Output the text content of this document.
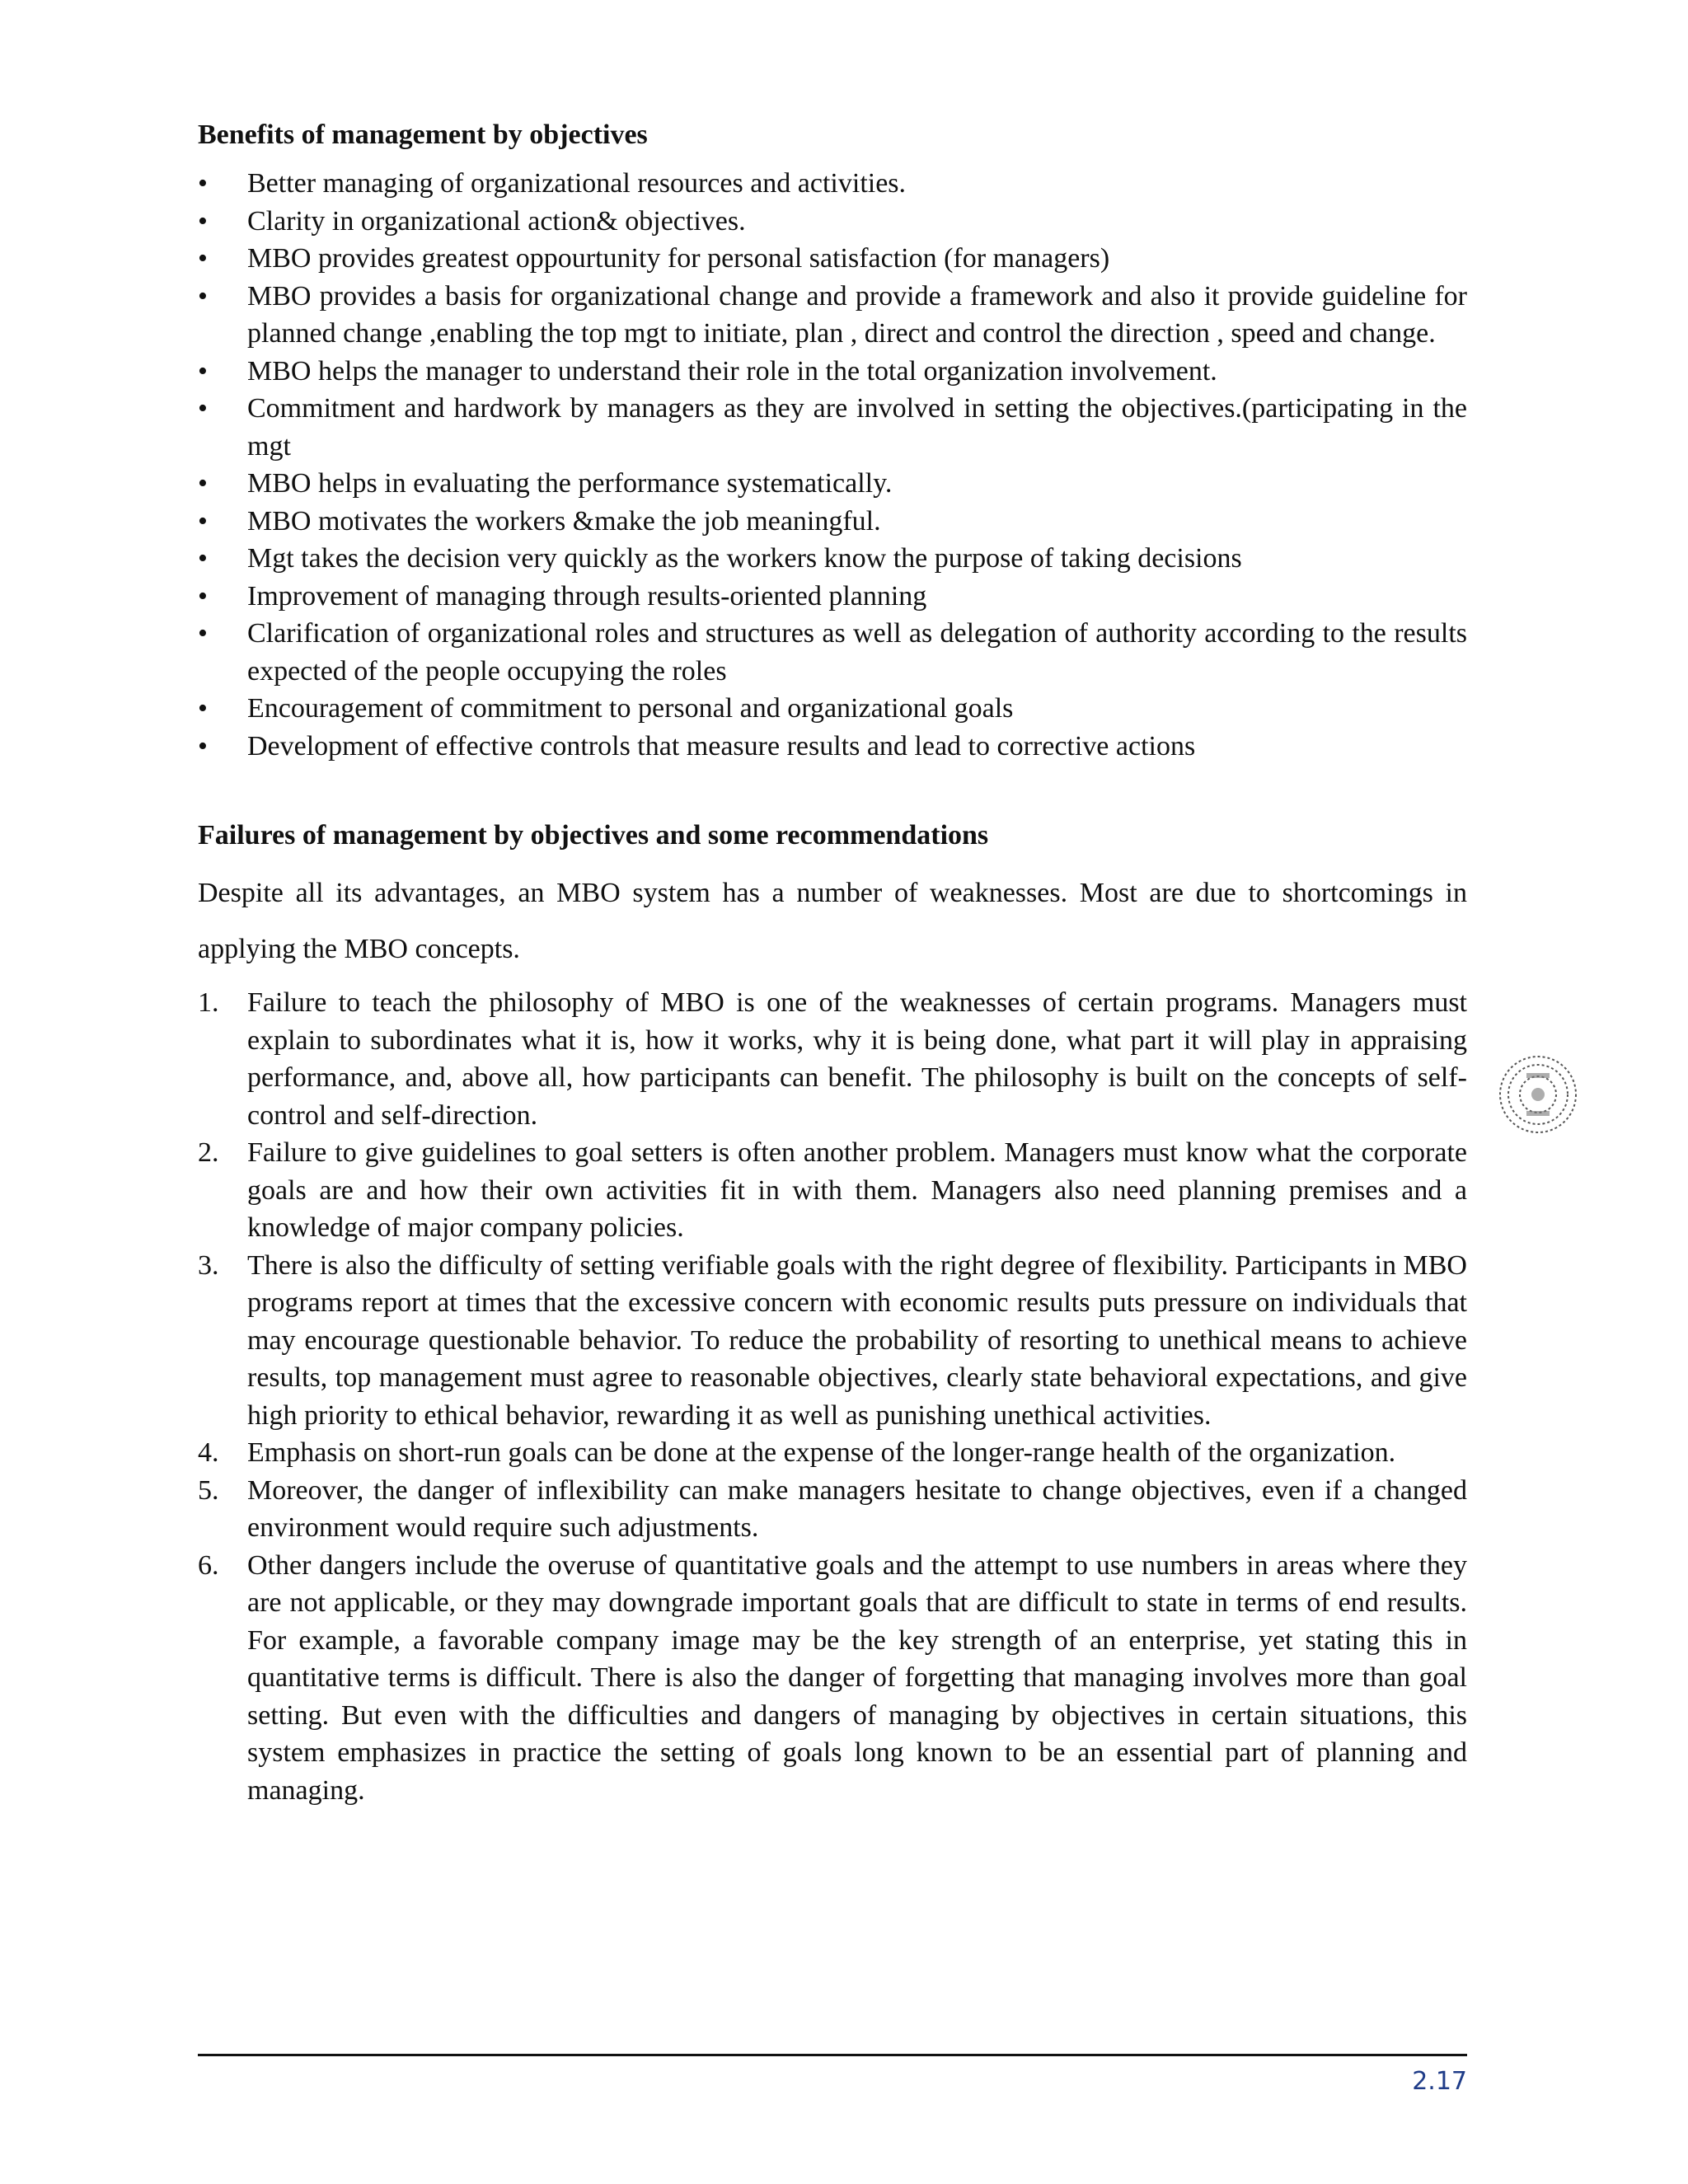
Benefits of management by objectives
• Better managing of organizational resources and activities.
• Clarity in organizational action& objectives.
• MBO provides greatest oppourtunity for personal satisfaction (for managers)
• MBO provides a basis for organizational change and provide a framework and also it provide guideline for planned change ,enabling the top mgt to initiate, plan , direct and control the direction , speed and change.
• MBO helps the manager to understand their role in the total organization involvement.
• Commitment and hardwork by managers as they are involved in setting the objectives.(participating in the mgt
• MBO helps in evaluating the performance systematically.
• MBO motivates the workers &make the job meaningful.
• Mgt takes the decision very quickly as the workers know the purpose of taking decisions
• Improvement of managing through results-oriented planning
• Clarification of organizational roles and structures as well as delegation of authority according to the results expected of the people occupying the roles
• Encouragement of commitment to personal and organizational goals
• Development of effective controls that measure results and lead to corrective actions
Failures of management by objectives and some recommendations

Despite all its advantages, an MBO system has a number of weaknesses. Most are due to shortcomings in applying the MBO concepts.

1. Failure to teach the philosophy of MBO is one of the weaknesses of certain programs. Managers must explain to subordinates what it is, how it works, why it is being done, what part it will play in appraising performance, and, above all, how participants can benefit. The philosophy is built on the concepts of self-control and self-direction.
2. Failure to give guidelines to goal setters is often another problem. Managers must know what the corporate goals are and how their own activities fit in with them. Managers also need planning premises and a knowledge of major company policies.
3. There is also the difficulty of setting verifiable goals with the right degree of flexibility. Participants in MBO programs report at times that the excessive concern with economic results puts pressure on individuals that may encourage questionable behavior. To reduce the probability of resorting to unethical means to achieve results, top management must agree to reasonable objectives, clearly state behavioral expectations, and give high priority to ethical behavior, rewarding it as well as punishing unethical activities.
4. Emphasis on short-run goals can be done at the expense of the longer-range health of the organization.
5. Moreover, the danger of inflexibility can make managers hesitate to change objectives, even if a changed environment would require such adjustments.
6. Other dangers include the overuse of quantitative goals and the attempt to use numbers in areas where they are not applicable, or they may downgrade important goals that are difficult to state in terms of end results. For example, a favorable company image may be the key strength of an enterprise, yet stating this in quantitative terms is difficult. There is also the danger of forgetting that managing involves more than goal setting. But even with the difficulties and dangers of managing by objectives in certain situations, this system emphasizes in practice the setting of goals long known to be an essential part of planning and managing.
2.17
